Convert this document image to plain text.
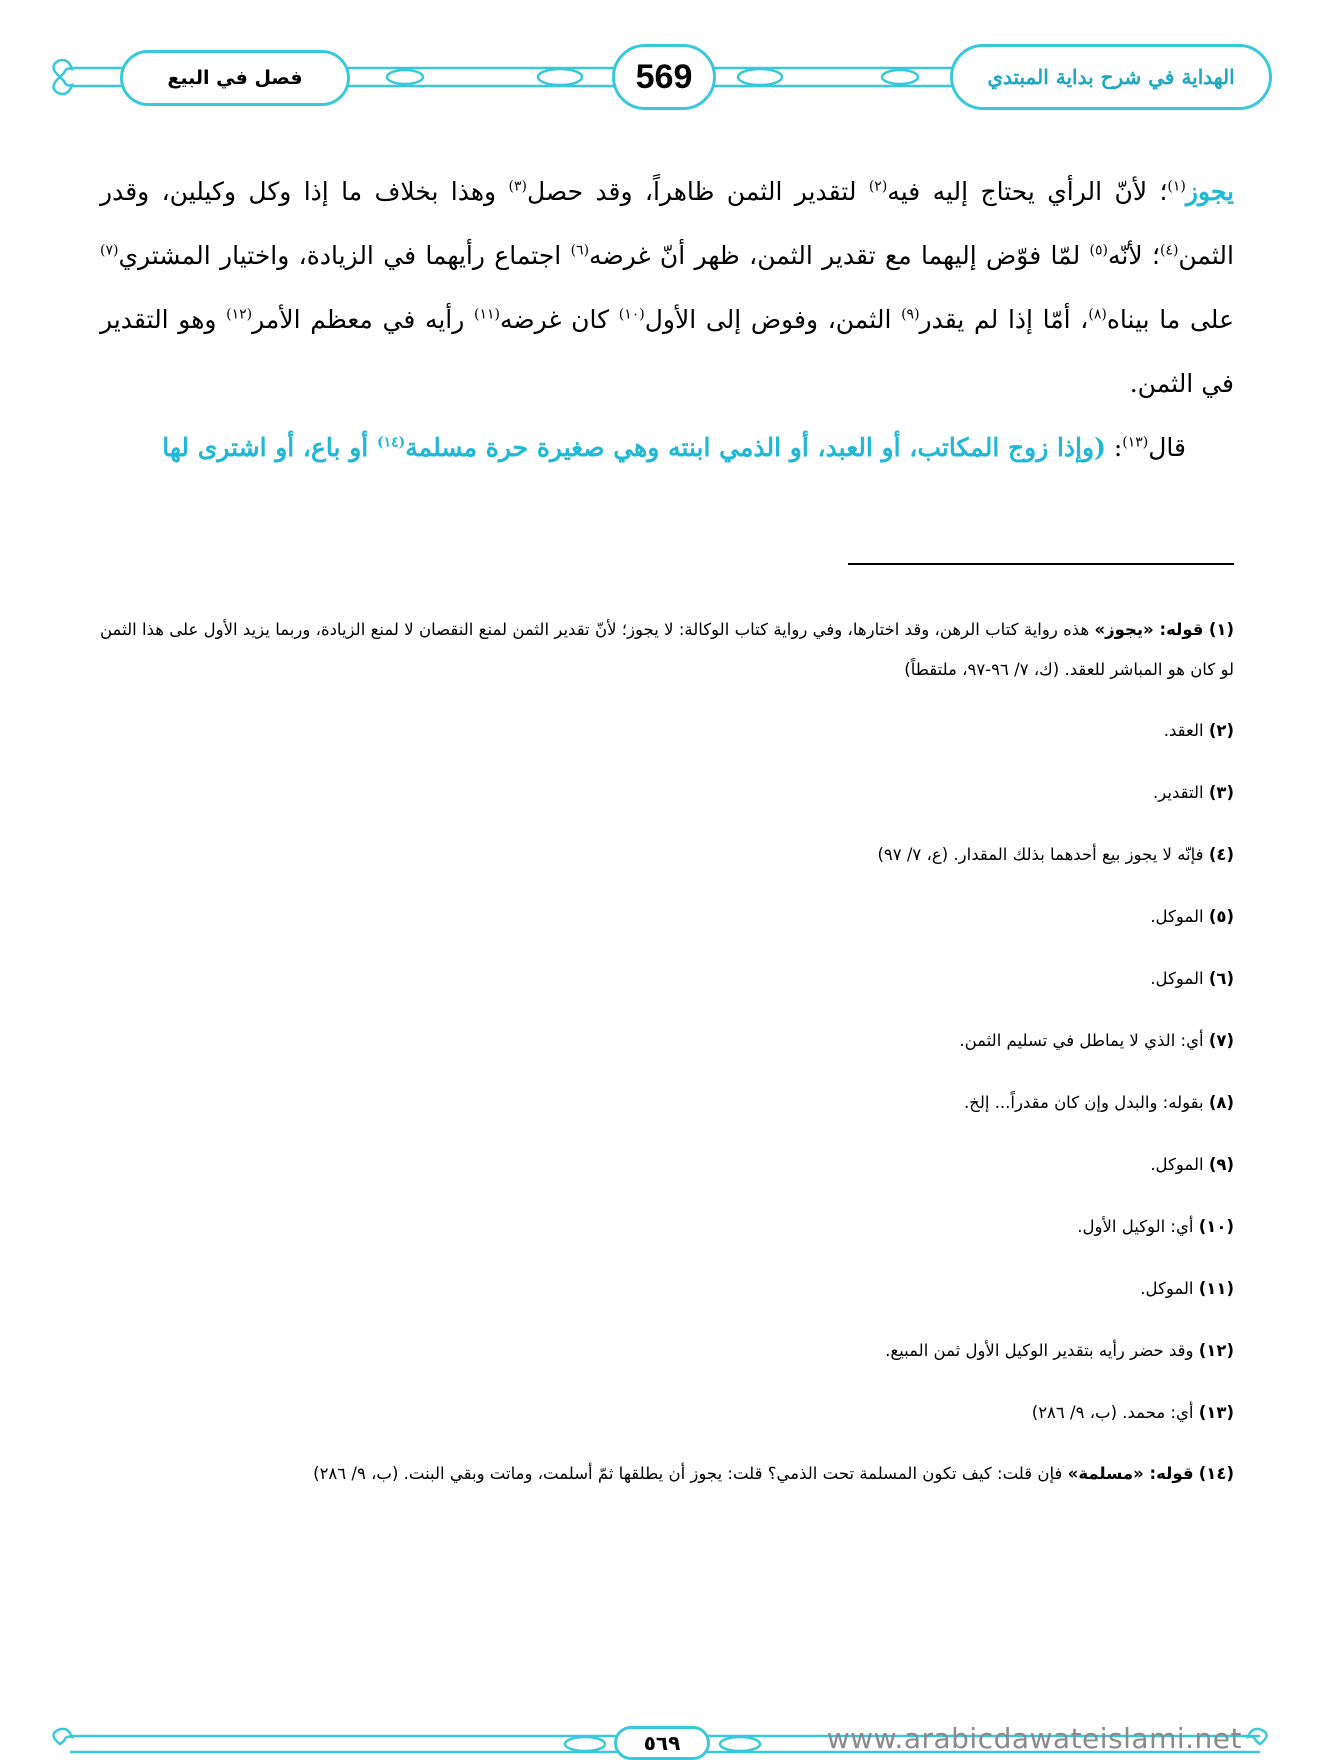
فصل في البيع	569	الهداية في شرح بداية المبتدي

يجوز$^{(١)}$؛ لأنّ الرأي يحتاج إليه فيه$^{(٢)}$ لتقدير الثمن ظاهراً، وقد حصل$^{(٣)}$ وهذا بخلاف ما إذا وكل وكيلين، وقدر الثمن$^{(٤)}$؛ لأنّه$^{(٥)}$ لمّا فوّض إليهما مع تقدير الثمن، ظهر أنّ غرضه$^{(٦)}$ اجتماع رأيهما في الزيادة، واختيار المشتري$^{(٧)}$ على ما بيناه$^{(٨)}$، أمّا إذا لم يقدر$^{(٩)}$ الثمن، وفوض إلى الأول$^{(١٠)}$ كان غرضه$^{(١١)}$ رأيه في معظم الأمر$^{(١٢)}$ وهو التقدير في الثمن.

قال$^{(١٣)}$: (وإذا زوج المكاتب، أو العبد، أو الذمي ابنته وهي صغيرة حرة مسلمة$^{(١٤)}$ أو باع، أو اشترى لها

(١) قوله: «يجوز» هذه رواية كتاب الرهن، وقد اختارها، وفي رواية كتاب الوكالة: لا يجوز؛ لأنّ تقدير الثمن لمنع النقصان لا لمنع الزيادة، وربما يزيد الأول على هذا الثمن لو كان هو المباشر للعقد. (ك، ٧/ ٩٦-٩٧، ملتقطاً)

(٢) العقد.

(٣) التقدير.

(٤) فإنّه لا يجوز بيع أحدهما بذلك المقدار. (ع، ٧/ ٩٧)

(٥) الموكل.

(٦) الموكل.

(٧) أي: الذي لا يماطل في تسليم الثمن.

(٨) بقوله: والبدل وإن كان مقدراً... إلخ.

(٩) الموكل.

(١٠) أي: الوكيل الأول.

(١١) الموكل.

(١٢) وقد حضر رأيه بتقدير الوكيل الأول ثمن المبيع.

(١٣) أي: محمد. (ب، ٩/ ٢٨٦)

(١٤) قوله: «مسلمة» فإن قلت: كيف تكون المسلمة تحت الذمي؟ قلت: يجوز أن يطلقها ثمّ أسلمت، وماتت وبقي البنت. (ب، ٩/ ٢٨٦)

٥٦٩	www.arabicdawateislami.net
